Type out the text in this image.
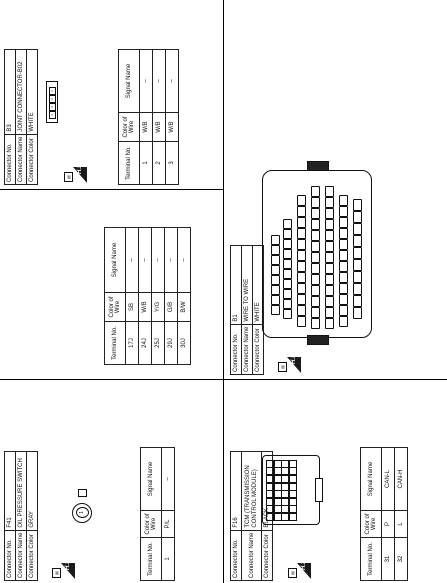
Connector No.	F16
Connector Name	TCM (TRANSMISSION CONTROL MODULE)
Connector Color	BLACK
▤
H.S.	Terminal No.	Color of Wire	Signal Name
31	P	CAN-L
32	L	CAN-H
Connector No.	F41
Connector Name	OIL PRESSURE SWITCH
Connector Color	GRAY
▤
H.S.
1
Terminal No.	Color of Wire	Signal Name
1	P/L	–
Connector No.	B1
Connector Name	WIRE TO WIRE
Connector Color	WHITE
▤
H.S.
Terminal No.	Color of Wire	Signal Name
17J	SB	–
24J	W/B	–
25J	Y/G	–
29J	G/B	–
30J	B/W	–
Connector No.	B3
Connector Name	JOINT CONNECTOR-B02
Connector Color	WHITE	4
3
2
1
▤
H.S.	Terminal No.	Color of Wire	Signal Name
1	W/B	–
2	W/B	–
3	W/B	–
